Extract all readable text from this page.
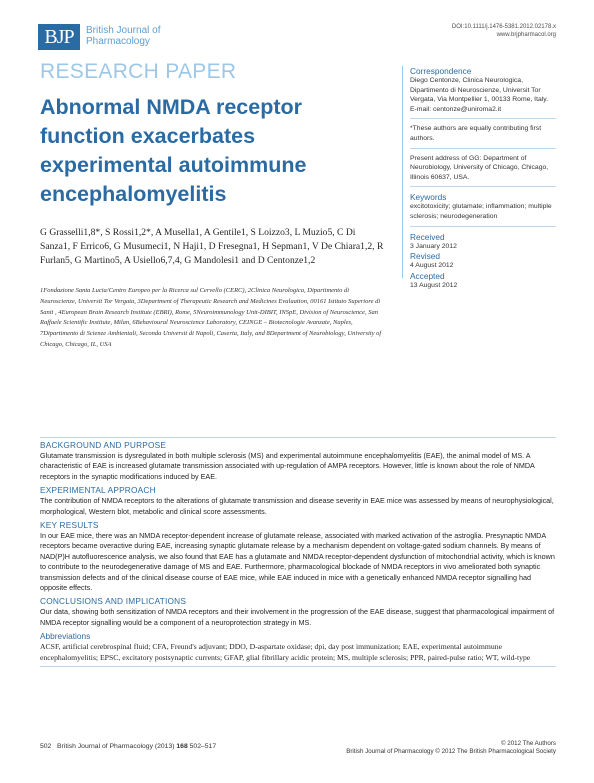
BJP	British Journal of
Pharmacology
DOI:10.1111/j.1476-5381.2012.02178.x
www.brjpharmacol.org
RESEARCH PAPER
Abnormal NMDA receptor function exacerbates experimental autoimmune encephalomyelitis
G Grasselli1,8*, S Rossi1,2*, A Musella1, A Gentile1, S Loizzo3, L Muzio5, C Di Sanza1, F Errico6, G Musumeci1, N Haji1, D Fresegna1, H Sepman1, V De Chiara1,2, R Furlan5, G Martino5, A Usiello6,7,4, G Mandolesi1 and D Centonze1,2
1Fondazione Santa Lucia/Centro Europeo per la Ricerca sul Cervello (CERC), 2Clinica Neurologica, Dipartimento di Neuroscienze, Universit Tor Vergata, 3Department of Therapeutic Research and Medicines Evaluation, 00161 Istituto Superiore di Sanit , 4European Brain Research Institute (EBRI), Rome, 5Neuroimmunology Unit-DIBIT, INSpE, Division of Neuroscience, San Raffaele Scientific Institute, Milan, 6Behavioural Neuroscience Laboratory, CEINGE – Biotecnologie Avanzate, Naples, 7Dipartimento di Scienze Ambientali, Seconda Universit di Napoli, Caserta, Italy, and 8Department of Neurobiology, University of Chicago, Chicago, IL, USA
Correspondence
Diego Centonze, Clinica Neurologica, Dipartimento di Neuroscienze, Universit Tor Vergata, Via Montpellier 1, 00133 Rome, Italy. E-mail: centonze@uniroma2.it
*These authors are equally contributing first authors.
Present address of GG: Department of Neurobiology, University of Chicago, Chicago, Illinois 60637, USA.
Keywords
excitotoxicity; glutamate; inflammation; multiple sclerosis; neurodegeneration
Received
3 January 2012
Revised
4 August 2012
Accepted
13 August 2012
BACKGROUND AND PURPOSE
Glutamate transmission is dysregulated in both multiple sclerosis (MS) and experimental autoimmune encephalomyelitis (EAE), the animal model of MS. A characteristic of EAE is increased glutamate transmission associated with up-regulation of AMPA receptors. However, little is known about the role of NMDA receptors in the synaptic modifications induced by EAE.
EXPERIMENTAL APPROACH
The contribution of NMDA receptors to the alterations of glutamate transmission and disease severity in EAE mice was assessed by means of neurophysiological, morphological, Western blot, metabolic and clinical score assessments.
KEY RESULTS
In our EAE mice, there was an NMDA receptor-dependent increase of glutamate release, associated with marked activation of the astroglia. Presynaptic NMDA receptors became overactive during EAE, increasing synaptic glutamate release by a mechanism dependent on voltage-gated sodium channels. By means of NAD(P)H autofluorescence analysis, we also found that EAE has a glutamate and NMDA receptor-dependent dysfunction of mitochondrial activity, which is known to contribute to the neurodegenerative damage of MS and EAE. Furthermore, pharmacological blockade of NMDA receptors in vivo ameliorated both synaptic transmission defects and of the clinical disease course of EAE mice, while EAE induced in mice with a genetically enhanced NMDA receptor signalling had opposite effects.
CONCLUSIONS AND IMPLICATIONS
Our data, showing both sensitization of NMDA receptors and their involvement in the progression of the EAE disease, suggest that pharmacological impairment of NMDA receptor signalling would be a component of a neuroprotection strategy in MS.
Abbreviations
ACSF, artificial cerebrospinal fluid; CFA, Freund's adjuvant; DDO, D-aspartate oxidase; dpi, day post immunization; EAE, experimental autoimmune encephalomyelitis; EPSC, excitatory postsynaptic currents; GFAP, glial fibrillary acidic protein; MS, multiple sclerosis; PPR, paired-pulse ratio; WT, wild-type
502 British Journal of Pharmacology (2013) 168 502–517	© 2012 The Authors
British Journal of Pharmacology © 2012 The British Pharmacological Society
